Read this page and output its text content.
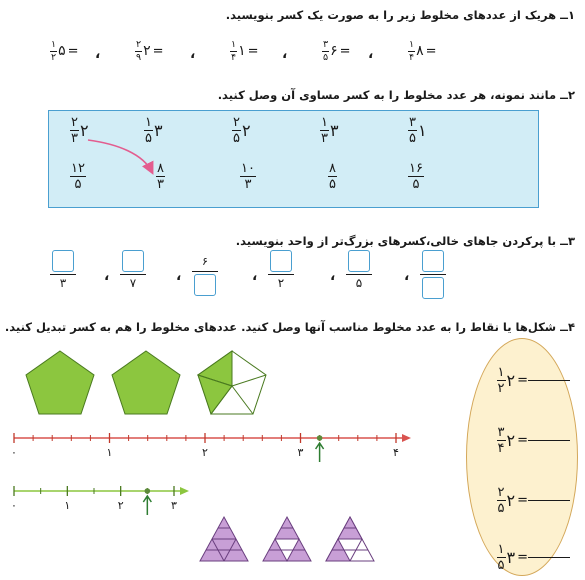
۱ــ هریک از عددهای مخلوط زیر را به صورت یک کسر بنویسید.
$\frac{۱}{۴}$ ۸ =
،
$\frac{۳}{۵}$ ۶ =
،
$\frac{۱}{۴}$ ۱ =
،
$\frac{۲}{۹}$ ۲ =
،
$\frac{۱}{۲}$ ۵ =
۲ــ مانند نمونه، هر عدد مخلوط را به کسر مساوی آن وصل کنید.
$\frac{۳}{۵}$ ۱
$\frac{۱}{۳}$ ۳
$\frac{۲}{۵}$ ۲
$\frac{۱}{۵}$ ۳
$\frac{۲}{۳}$ ۲
۱۶
۵
۸
۵
۱۰
۳
۸
۳
۱۲
۵
۳ــ با پرکردن جاهای خالی،کسرهای بزرگ‌تر از واحد بنویسید.
،
۵
،
۲
،
۶
،
۷
،
۳
۴ــ شکل‌ها یا نقاط را به عدد مخلوط مناسب آنها وصل کنید. عددهای مخلوط را هم به کسر تبدیل کنید.
۰	۱	۲	۳	۴
۰	۱	۲	۳
=
$\frac{۱}{۲}$ ۲
=
$\frac{۳}{۴}$ ۲
=
$\frac{۲}{۵}$ ۲
=
$\frac{۱}{۵}$ ۳
